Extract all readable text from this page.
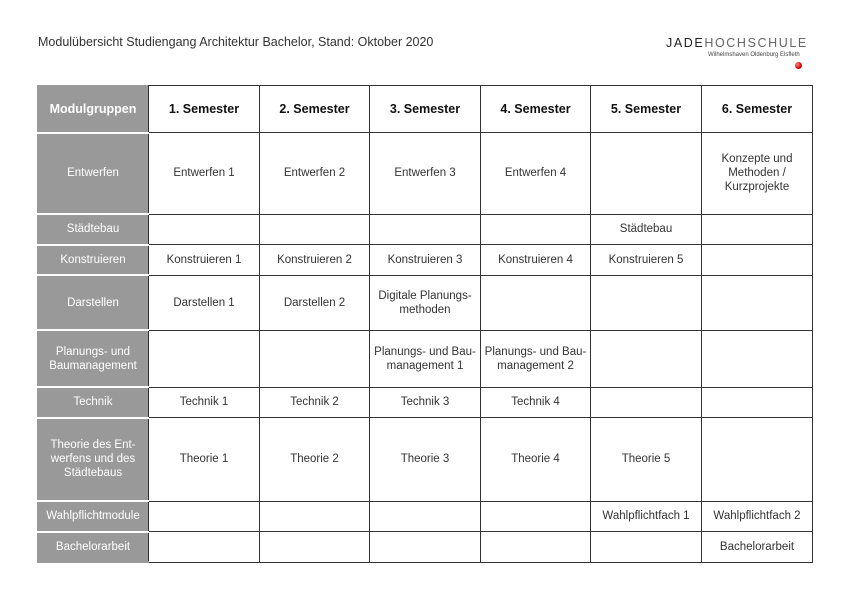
Modulübersicht Studiengang Architektur Bachelor, Stand: Oktober 2020	JADEHOCHSCHULE
Wilhelmshaven Oldenburg Elsfleth
Modulgruppen	1. Semester	2. Semester	3. Semester	4. Semester	5. Semester	6. Semester
Entwerfen	Entwerfen 1	Entwerfen 2	Entwerfen 3	Entwerfen 4		Konzepte und
Methoden /
Kurzprojekte
Städtebau					Städtebau	
Konstruieren	Konstruieren 1	Konstruieren 2	Konstruieren 3	Konstruieren 4	Konstruieren 5	
Darstellen	Darstellen 1	Darstellen 2	Digitale Planungs-
methoden			
Planungs- und
Baumanagement			Planungs- und Bau-
management 1	Planungs- und Bau-
management 2		
Technik	Technik 1	Technik 2	Technik 3	Technik 4		
Theorie des Ent-
werfens und des
Städtebaus	Theorie 1	Theorie 2	Theorie 3	Theorie 4	Theorie 5	
Wahlpflichtmodule					Wahlpflichtfach 1	Wahlpflichtfach 2
Bachelorarbeit						Bachelorarbeit
